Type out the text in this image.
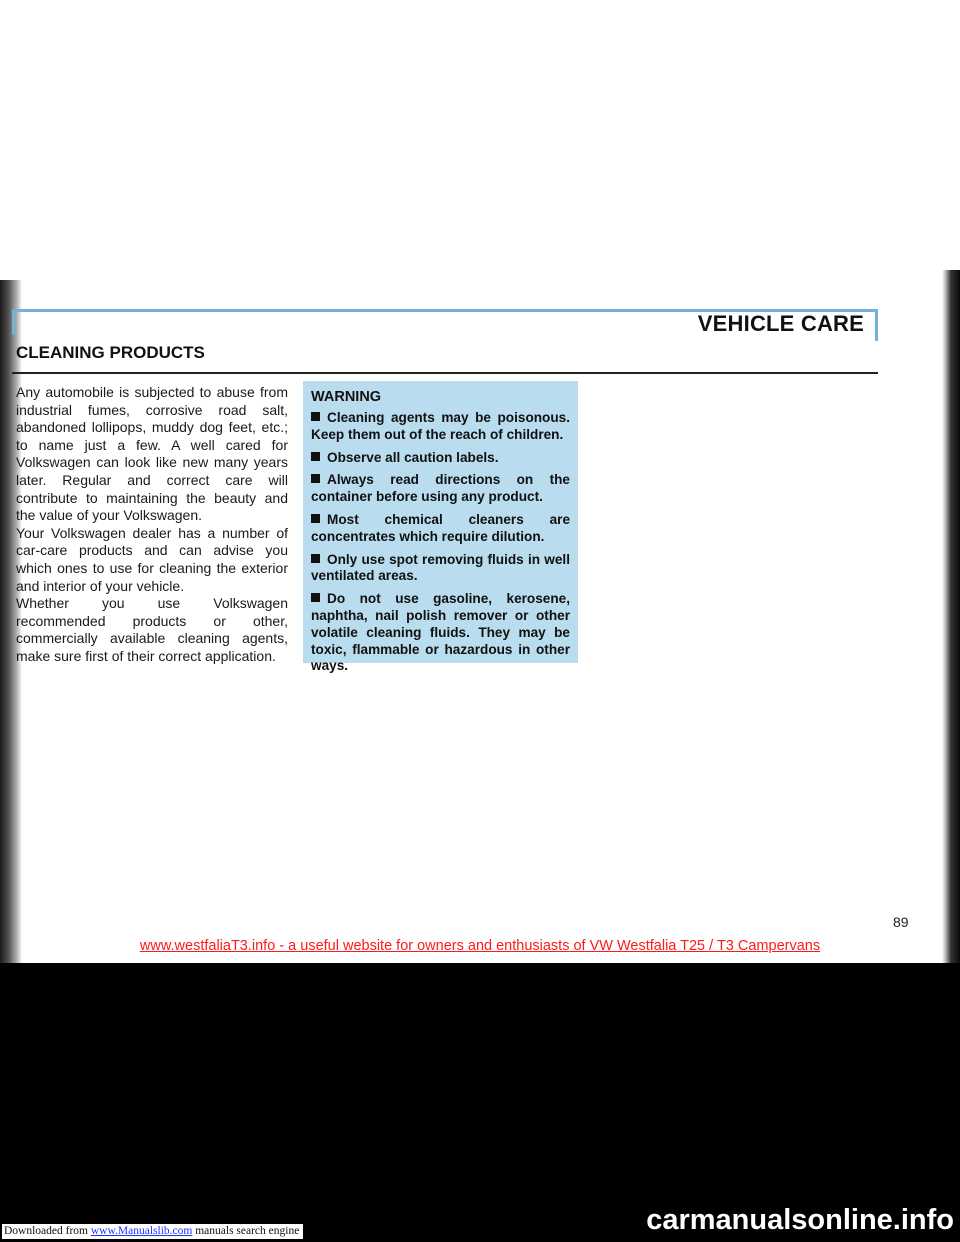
VEHICLE CARE
CLEANING PRODUCTS

Any automobile is subjected to abuse from industrial fumes, corrosive road salt, abandoned lollipops, muddy dog feet, etc.; to name just a few. A well cared for Volkswagen can look like new many years later. Regular and correct care will contribute to maintaining the beauty and the value of your Volkswagen.

Your Volkswagen dealer has a number of car-care products and can advise you which ones to use for cleaning the exterior and interior of your vehicle.

Whether you use Volkswagen recommended products or other, commercially available cleaning agents, make sure first of their correct application.

WARNING
Cleaning agents may be poisonous. Keep them out of the reach of children.
Observe all caution labels.
Always read directions on the container before using any product.
Most chemical cleaners are concentrates which require dilution.
Only use spot removing fluids in well ventilated areas.
Do not use gasoline, kerosene, naphtha, nail polish remover or other volatile cleaning fluids. They may be toxic, flammable or hazardous in other ways.
89
www.westfaliaT3.info - a useful website for owners and enthusiasts of VW Westfalia T25 / T3 Campervans
Downloaded from www.Manualslib.com manuals search engine	carmanualsonline.info
